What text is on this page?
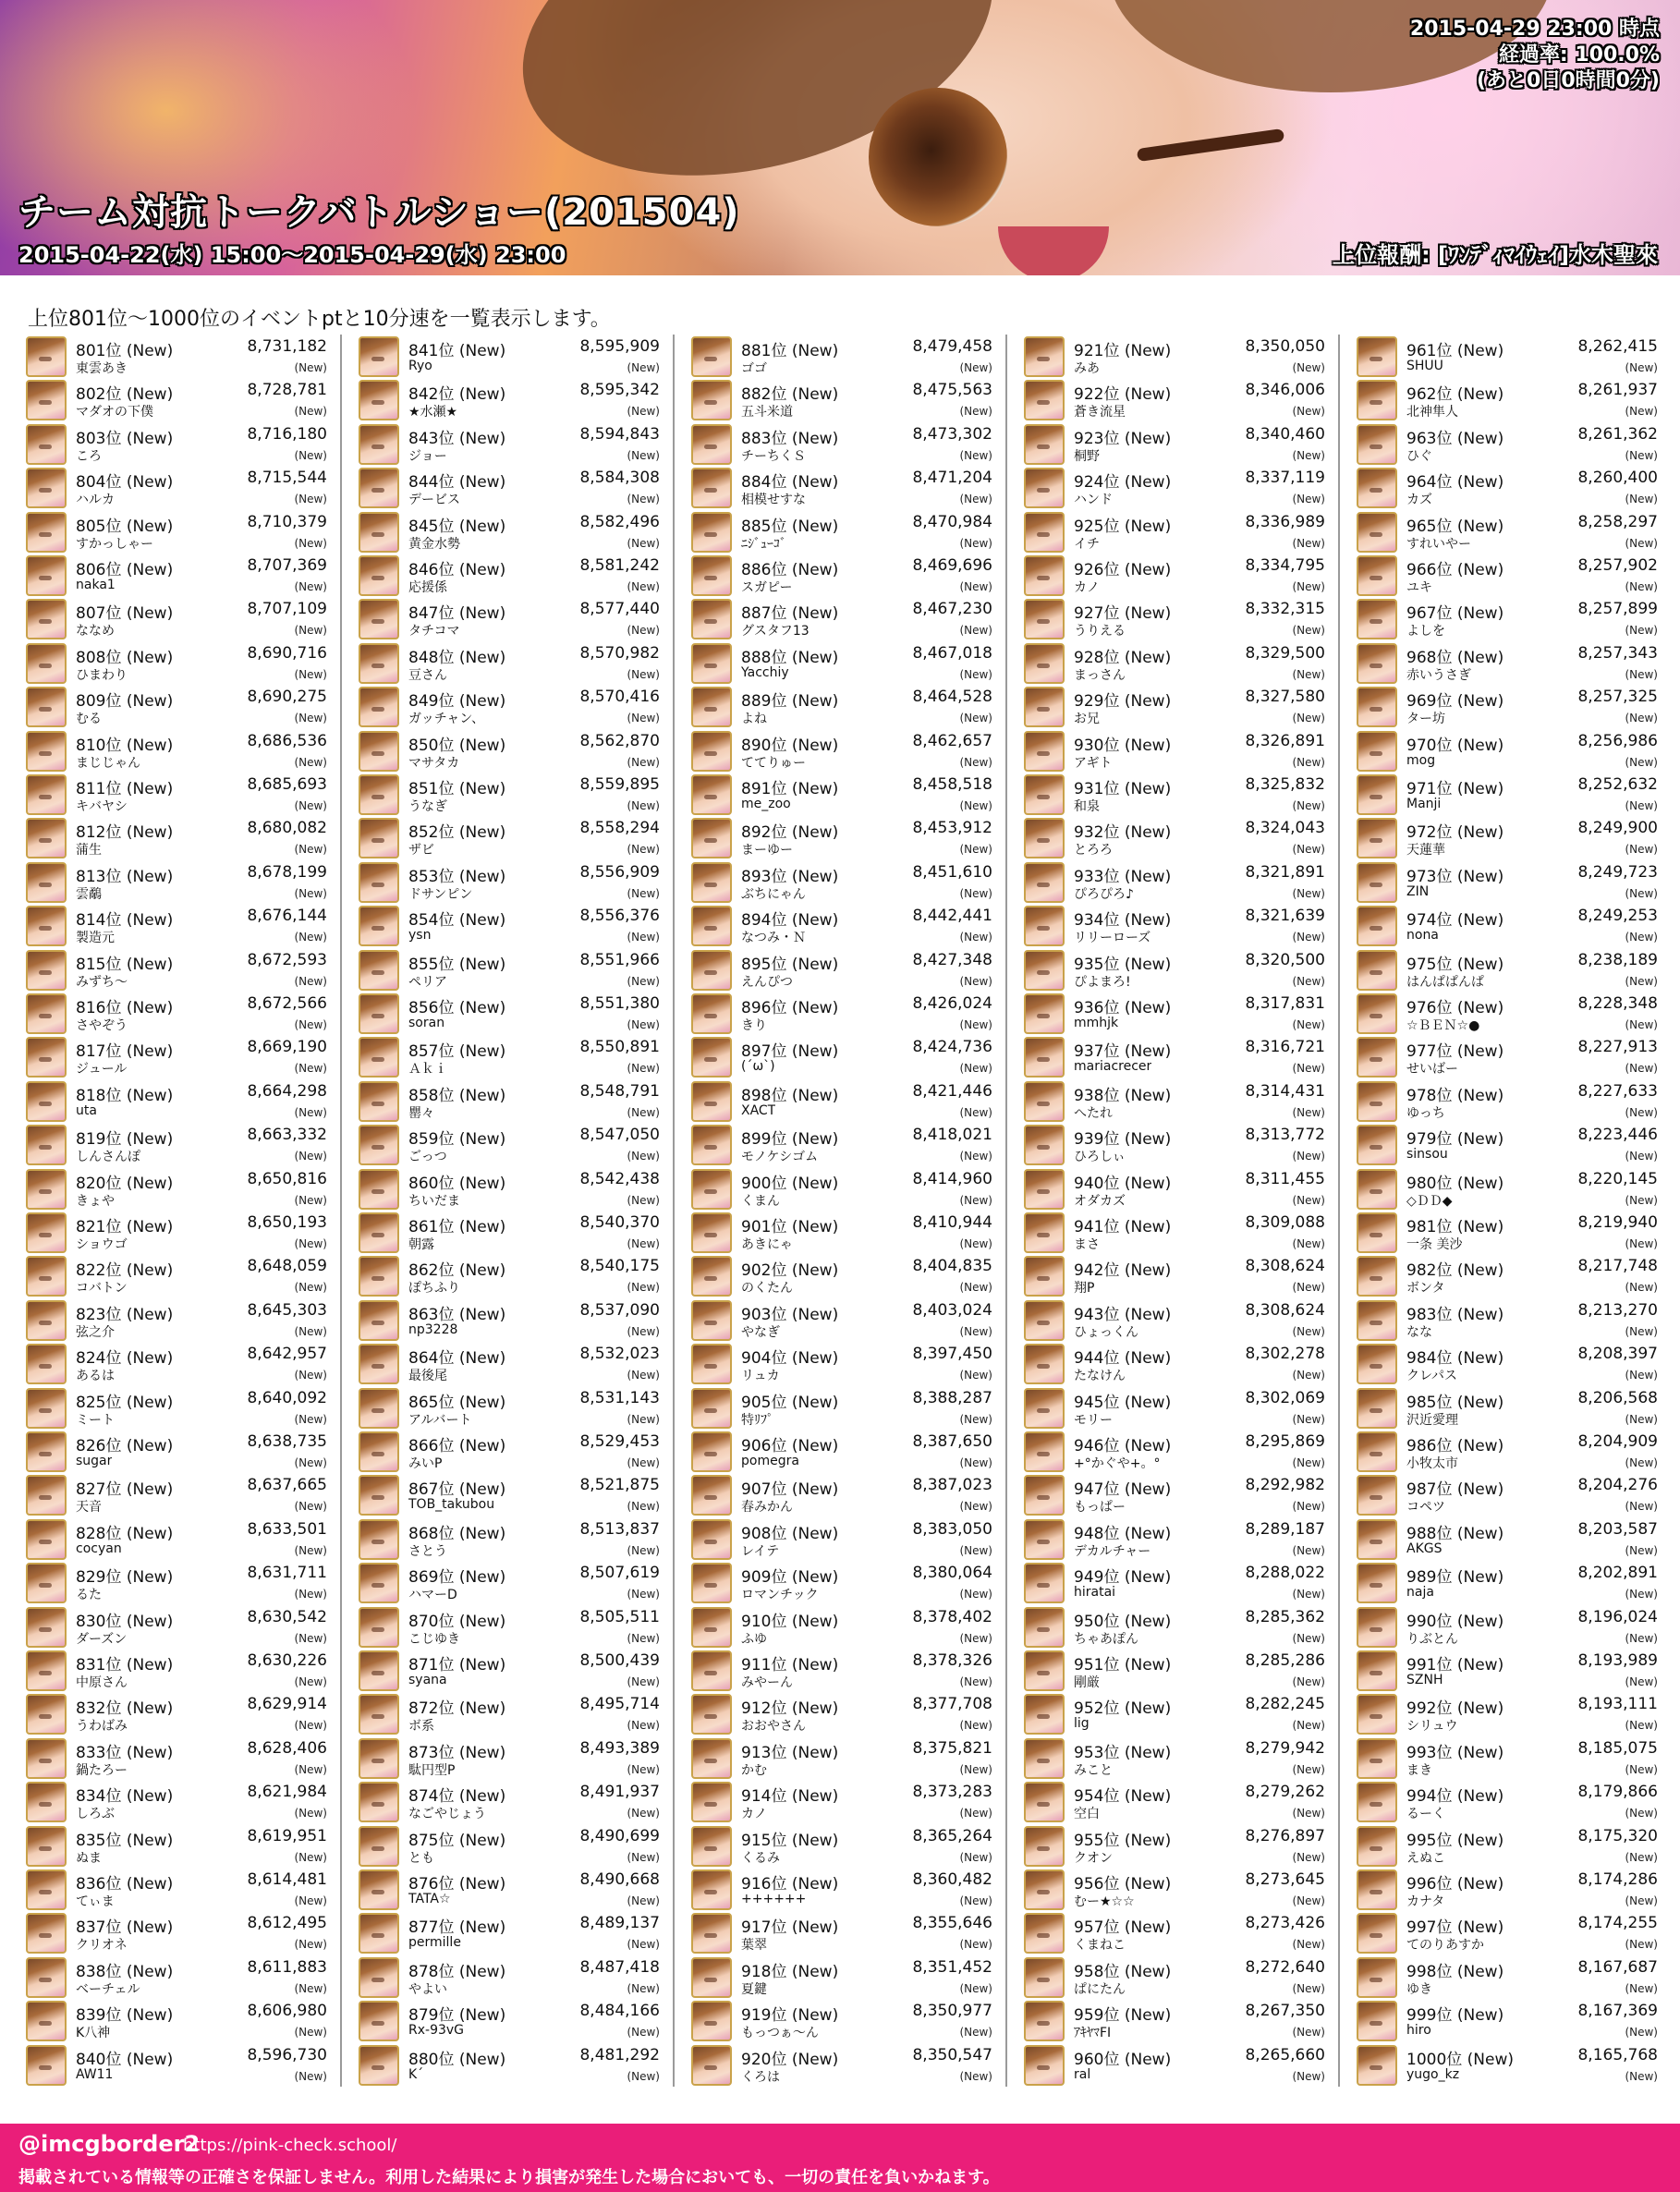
2015-04-29 23:00 時点
経過率: 100.0%
(あと0日0時間0分)
チーム対抗トークバトルショー(201504)
2015-04-22(水) 15:00～2015-04-29(水) 23:00	上位報酬: [ﾜﾝﾃﾞｨﾏｲｳｪｲ]水木聖來
上位801位～1000位のイベントptと10分速を一覧表示します。
801位 (New)	8,731,182
東雲あき	(New)
802位 (New)	8,728,781
マダオの下僕	(New)
803位 (New)	8,716,180
ころ	(New)
804位 (New)	8,715,544
ハルカ	(New)
805位 (New)	8,710,379
すかっしゃー	(New)
806位 (New)	8,707,369
naka1	(New)
807位 (New)	8,707,109
ななめ	(New)
808位 (New)	8,690,716
ひまわり	(New)
809位 (New)	8,690,275
むる	(New)
810位 (New)	8,686,536
まじじゃん	(New)
811位 (New)	8,685,693
キバヤシ	(New)
812位 (New)	8,680,082
蒲生	(New)
813位 (New)	8,678,199
雲鷸	(New)
814位 (New)	8,676,144
製造元	(New)
815位 (New)	8,672,593
みずち～	(New)
816位 (New)	8,672,566
さやぞう	(New)
817位 (New)	8,669,190
ジュール	(New)
818位 (New)	8,664,298
uta	(New)
819位 (New)	8,663,332
しんさんぽ	(New)
820位 (New)	8,650,816
きょや	(New)
821位 (New)	8,650,193
ショウゴ	(New)
822位 (New)	8,648,059
コバトン	(New)
823位 (New)	8,645,303
弦之介	(New)
824位 (New)	8,642,957
あるは	(New)
825位 (New)	8,640,092
ミート	(New)
826位 (New)	8,638,735
sugar	(New)
827位 (New)	8,637,665
天音	(New)
828位 (New)	8,633,501
cocyan	(New)
829位 (New)	8,631,711
るた	(New)
830位 (New)	8,630,542
ダーズン	(New)
831位 (New)	8,630,226
中原さん	(New)
832位 (New)	8,629,914
うわばみ	(New)
833位 (New)	8,628,406
鍋たろー	(New)
834位 (New)	8,621,984
しろぶ	(New)
835位 (New)	8,619,951
ぬま	(New)
836位 (New)	8,614,481
てぃま	(New)
837位 (New)	8,612,495
クリオネ	(New)
838位 (New)	8,611,883
ベーチェル	(New)
839位 (New)	8,606,980
K八神	(New)
840位 (New)	8,596,730
AW11	(New)
841位 (New)	8,595,909
Ryo	(New)
842位 (New)	8,595,342
★水瀬★	(New)
843位 (New)	8,594,843
ジョー	(New)
844位 (New)	8,584,308
デービス	(New)
845位 (New)	8,582,496
黄金水勢	(New)
846位 (New)	8,581,242
応援係	(New)
847位 (New)	8,577,440
タチコマ	(New)
848位 (New)	8,570,982
豆さん	(New)
849位 (New)	8,570,416
ガッチャン、	(New)
850位 (New)	8,562,870
マサタカ	(New)
851位 (New)	8,559,895
うなぎ	(New)
852位 (New)	8,558,294
ザビ	(New)
853位 (New)	8,556,909
ドサンピン	(New)
854位 (New)	8,556,376
ysn	(New)
855位 (New)	8,551,966
ペリア	(New)
856位 (New)	8,551,380
soran	(New)
857位 (New)	8,550,891
Ａｋｉ	(New)
858位 (New)	8,548,791
罌々	(New)
859位 (New)	8,547,050
ごっつ	(New)
860位 (New)	8,542,438
ちいだま	(New)
861位 (New)	8,540,370
朝露	(New)
862位 (New)	8,540,175
ぽちふり	(New)
863位 (New)	8,537,090
np3228	(New)
864位 (New)	8,532,023
最後尾	(New)
865位 (New)	8,531,143
アルバート	(New)
866位 (New)	8,529,453
みいP	(New)
867位 (New)	8,521,875
TOB_takubou	(New)
868位 (New)	8,513,837
さとう	(New)
869位 (New)	8,507,619
ハマーD	(New)
870位 (New)	8,505,511
こじゆき	(New)
871位 (New)	8,500,439
syana	(New)
872位 (New)	8,495,714
ボ系	(New)
873位 (New)	8,493,389
駄円型P	(New)
874位 (New)	8,491,937
なごやじょう	(New)
875位 (New)	8,490,699
とも	(New)
876位 (New)	8,490,668
TATA☆	(New)
877位 (New)	8,489,137
permille	(New)
878位 (New)	8,487,418
やよい	(New)
879位 (New)	8,484,166
Rx-93vG	(New)
880位 (New)	8,481,292
K´	(New)
881位 (New)	8,479,458
ゴゴ	(New)
882位 (New)	8,475,563
五斗米道	(New)
883位 (New)	8,473,302
チーちくＳ	(New)
884位 (New)	8,471,204
相模せすな	(New)
885位 (New)	8,470,984
ﾆｼﾞｭｰｺﾞ	(New)
886位 (New)	8,469,696
スガピー	(New)
887位 (New)	8,467,230
グスタフ13	(New)
888位 (New)	8,467,018
Yacchiy	(New)
889位 (New)	8,464,528
よね	(New)
890位 (New)	8,462,657
ててりゅー	(New)
891位 (New)	8,458,518
me_zoo	(New)
892位 (New)	8,453,912
まーゆー	(New)
893位 (New)	8,451,610
ぶちにゃん	(New)
894位 (New)	8,442,441
なつみ・Ｎ	(New)
895位 (New)	8,427,348
えんぴつ	(New)
896位 (New)	8,426,024
きり	(New)
897位 (New)	8,424,736
(´ω`)	(New)
898位 (New)	8,421,446
XACT	(New)
899位 (New)	8,418,021
モノケシゴム	(New)
900位 (New)	8,414,960
くまん	(New)
901位 (New)	8,410,944
あきにゃ	(New)
902位 (New)	8,404,835
のくたん	(New)
903位 (New)	8,403,024
やなぎ	(New)
904位 (New)	8,397,450
リュカ	(New)
905位 (New)	8,388,287
特ﾘﾌﾟ	(New)
906位 (New)	8,387,650
pomegra	(New)
907位 (New)	8,387,023
春みかん	(New)
908位 (New)	8,383,050
レイテ	(New)
909位 (New)	8,380,064
ロマンチック	(New)
910位 (New)	8,378,402
ふゆ	(New)
911位 (New)	8,378,326
みやーん	(New)
912位 (New)	8,377,708
おおやさん	(New)
913位 (New)	8,375,821
かむ	(New)
914位 (New)	8,373,283
カノ	(New)
915位 (New)	8,365,264
くるみ	(New)
916位 (New)	8,360,482
++++++	(New)
917位 (New)	8,355,646
葉翠	(New)
918位 (New)	8,351,452
夏鍵	(New)
919位 (New)	8,350,977
もっつぁ～ん	(New)
920位 (New)	8,350,547
くろは	(New)
921位 (New)	8,350,050
みあ	(New)
922位 (New)	8,346,006
蒼き流星	(New)
923位 (New)	8,340,460
桐野	(New)
924位 (New)	8,337,119
ハンド	(New)
925位 (New)	8,336,989
イチ	(New)
926位 (New)	8,334,795
カノ	(New)
927位 (New)	8,332,315
うりえる	(New)
928位 (New)	8,329,500
まっさん	(New)
929位 (New)	8,327,580
お兄	(New)
930位 (New)	8,326,891
アギト	(New)
931位 (New)	8,325,832
和泉	(New)
932位 (New)	8,324,043
とろろ	(New)
933位 (New)	8,321,891
ぴろぴろ♪	(New)
934位 (New)	8,321,639
リリーローズ	(New)
935位 (New)	8,320,500
ぴよまろ!	(New)
936位 (New)	8,317,831
mmhjk	(New)
937位 (New)	8,316,721
mariacrecer	(New)
938位 (New)	8,314,431
へたれ	(New)
939位 (New)	8,313,772
ひろしぃ	(New)
940位 (New)	8,311,455
オダカズ	(New)
941位 (New)	8,309,088
まさ	(New)
942位 (New)	8,308,624
翔P	(New)
943位 (New)	8,308,624
ひょっくん	(New)
944位 (New)	8,302,278
たなけん	(New)
945位 (New)	8,302,069
モリー	(New)
946位 (New)	8,295,869
+°かぐや+。°	(New)
947位 (New)	8,292,982
もっぱー	(New)
948位 (New)	8,289,187
デカルチャー	(New)
949位 (New)	8,288,022
hiratai	(New)
950位 (New)	8,285,362
ちゃあぽん	(New)
951位 (New)	8,285,286
剛厳	(New)
952位 (New)	8,282,245
lig	(New)
953位 (New)	8,279,942
みこと	(New)
954位 (New)	8,279,262
空白	(New)
955位 (New)	8,276,897
クオン	(New)
956位 (New)	8,273,645
むー★☆☆	(New)
957位 (New)	8,273,426
くまねこ	(New)
958位 (New)	8,272,640
ぱにたん	(New)
959位 (New)	8,267,350
ｱｷﾔﾏFI	(New)
960位 (New)	8,265,660
ral	(New)
961位 (New)	8,262,415
SHUU	(New)
962位 (New)	8,261,937
北神隼人	(New)
963位 (New)	8,261,362
ひぐ	(New)
964位 (New)	8,260,400
カズ	(New)
965位 (New)	8,258,297
すれいやー	(New)
966位 (New)	8,257,902
ユキ	(New)
967位 (New)	8,257,899
よしを	(New)
968位 (New)	8,257,343
赤いうさぎ	(New)
969位 (New)	8,257,325
ター坊	(New)
970位 (New)	8,256,986
mog	(New)
971位 (New)	8,252,632
Manji	(New)
972位 (New)	8,249,900
天蓮華	(New)
973位 (New)	8,249,723
ZIN	(New)
974位 (New)	8,249,253
nona	(New)
975位 (New)	8,238,189
はんぱぱんぱ	(New)
976位 (New)	8,228,348
☆ＢＥＮ☆●	(New)
977位 (New)	8,227,913
せいばー	(New)
978位 (New)	8,227,633
ゆっち	(New)
979位 (New)	8,223,446
sinsou	(New)
980位 (New)	8,220,145
◇ＤＤ◆	(New)
981位 (New)	8,219,940
一条 美沙	(New)
982位 (New)	8,217,748
ボンタ	(New)
983位 (New)	8,213,270
なな	(New)
984位 (New)	8,208,397
クレパス	(New)
985位 (New)	8,206,568
沢近愛理	(New)
986位 (New)	8,204,909
小牧太市	(New)
987位 (New)	8,204,276
コペツ	(New)
988位 (New)	8,203,587
AKGS	(New)
989位 (New)	8,202,891
naja	(New)
990位 (New)	8,196,024
りぶとん	(New)
991位 (New)	8,193,989
SZNH	(New)
992位 (New)	8,193,111
シリュウ	(New)
993位 (New)	8,185,075
まき	(New)
994位 (New)	8,179,866
るーく	(New)
995位 (New)	8,175,320
えぬこ	(New)
996位 (New)	8,174,286
カナタ	(New)
997位 (New)	8,174,255
てのりあすか	(New)
998位 (New)	8,167,687
ゆき	(New)
999位 (New)	8,167,369
hiro	(New)
1000位 (New)	8,165,768
yugo_kz	(New)
@imcgborder2
https://pink-check.school/
掲載されている情報等の正確さを保証しません。利用した結果により損害が発生した場合においても、一切の責任を負いかねます。
